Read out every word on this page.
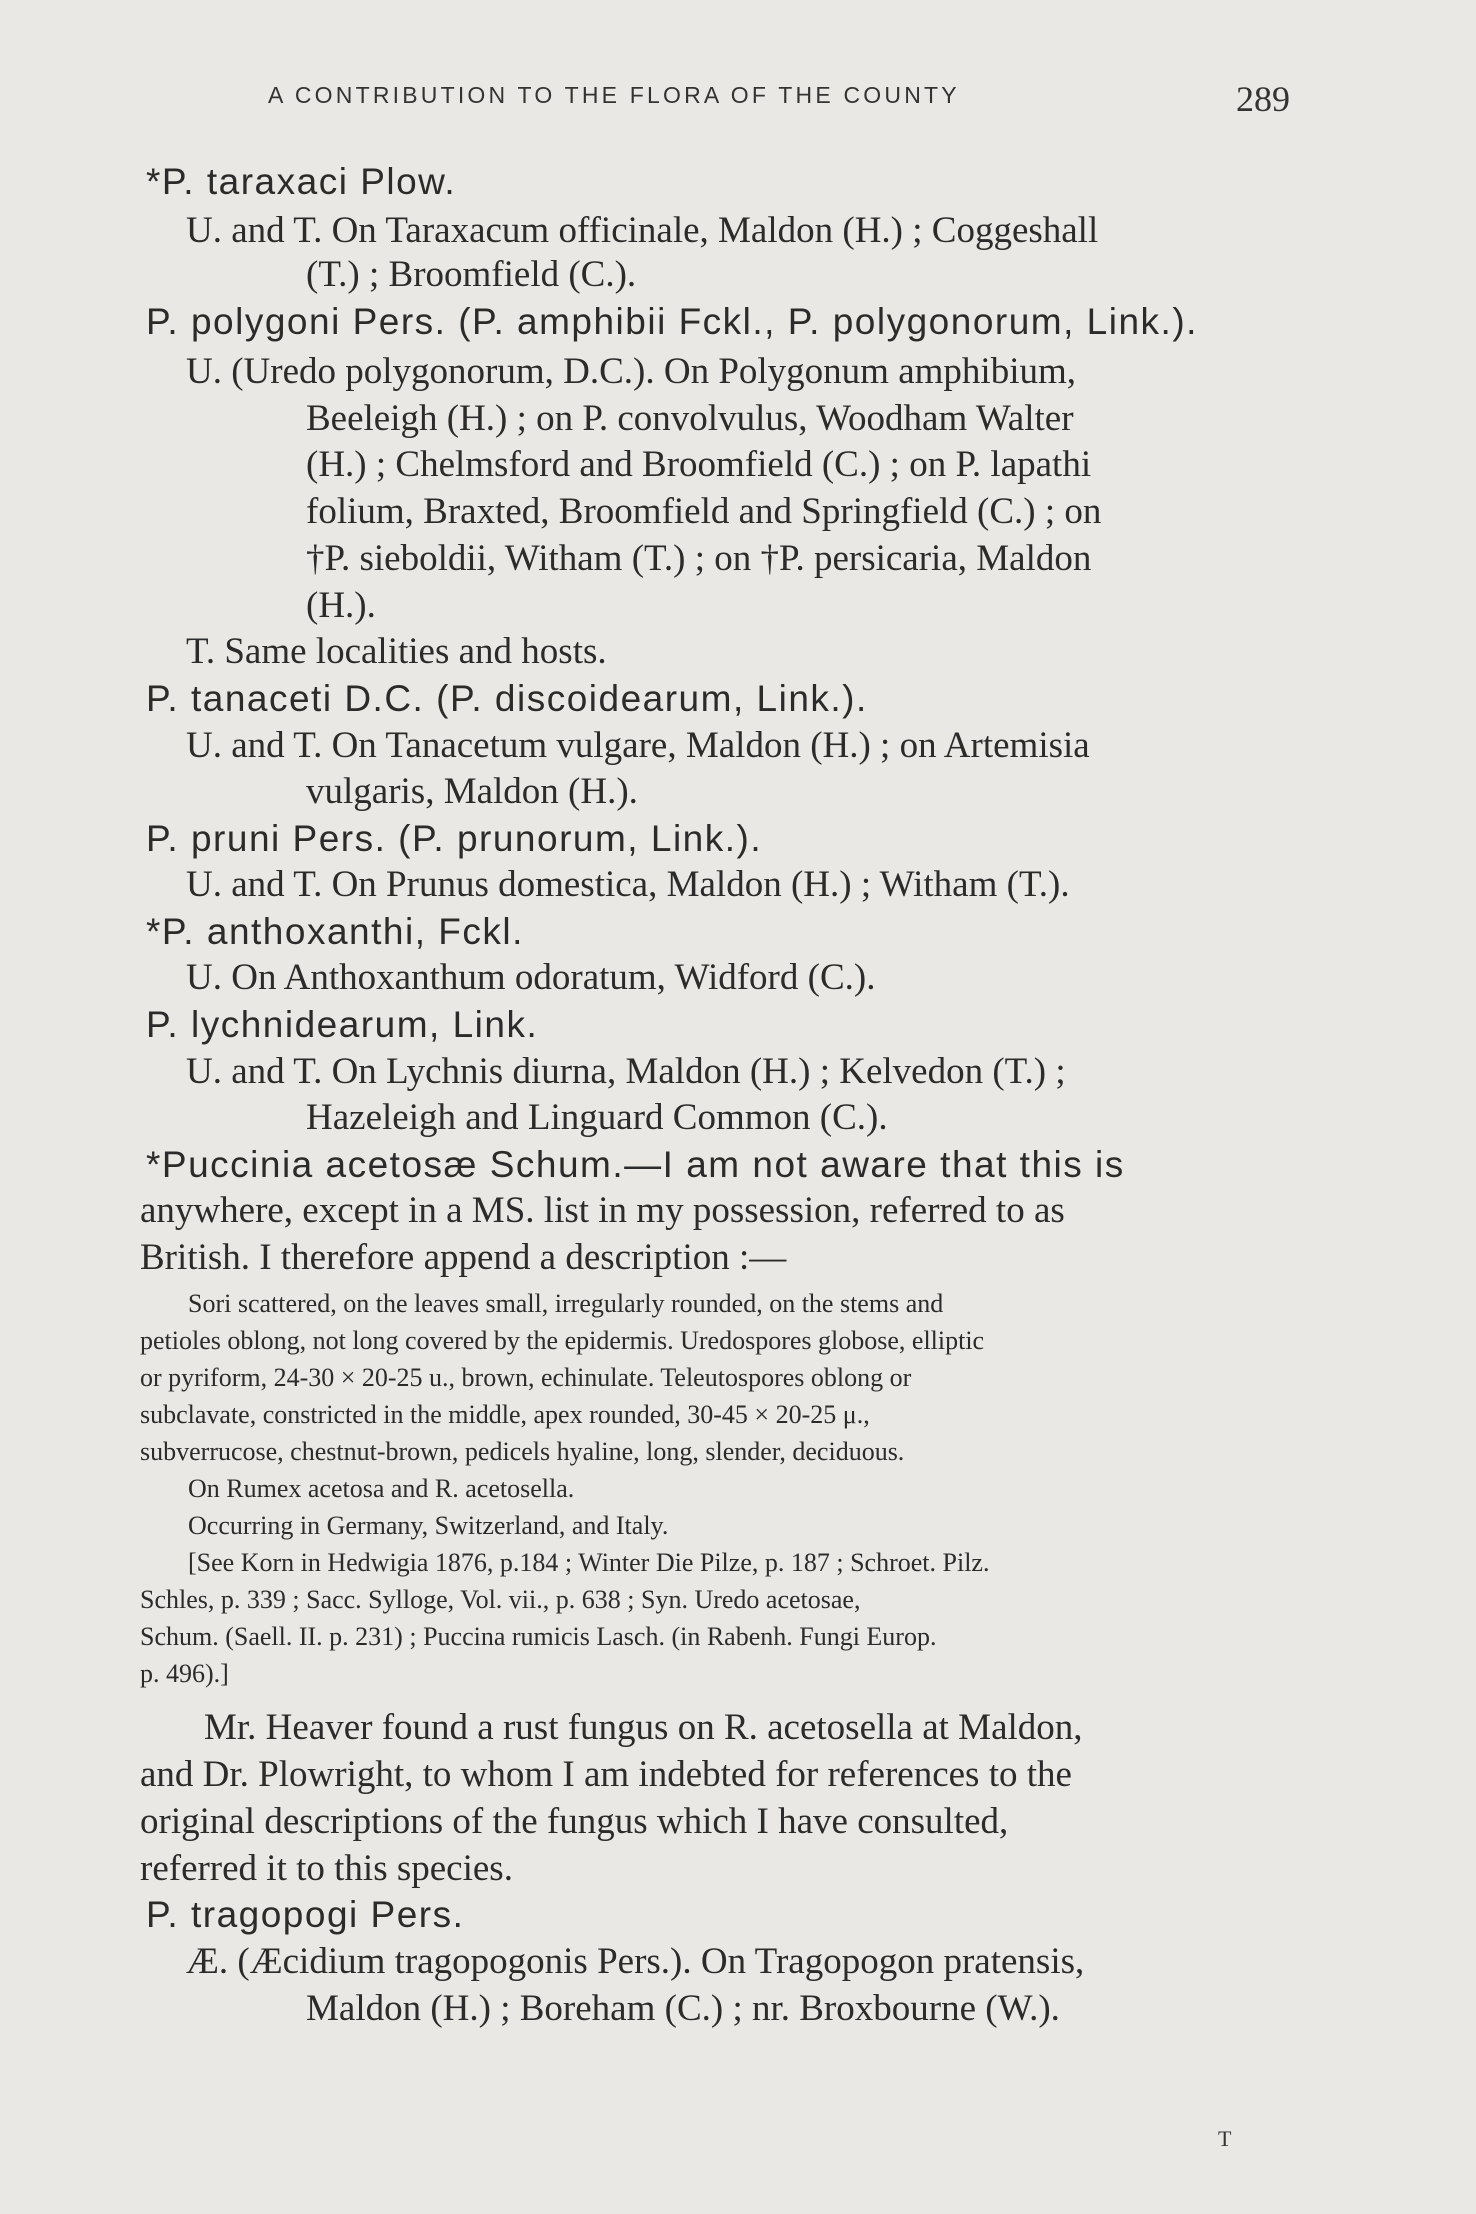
A CONTRIBUTION TO THE FLORA OF THE COUNTY	289
*P. taraxaci Plow.
U. and T. On Taraxacum officinale, Maldon (H.) ; Coggeshall
(T.) ; Broomfield (C.).
P. polygoni Pers. (P. amphibii Fckl., P. polygonorum, Link.).
U. (Uredo polygonorum, D.C.). On Polygonum amphibium,
Beeleigh (H.) ; on P. convolvulus, Woodham Walter
(H.) ; Chelmsford and Broomfield (C.) ; on P. lapathi
folium, Braxted, Broomfield and Springfield (C.) ; on
†P. sieboldii, Witham (T.) ; on †P. persicaria, Maldon
(H.).
T. Same localities and hosts.
P. tanaceti D.C. (P. discoidearum, Link.).
U. and T. On Tanacetum vulgare, Maldon (H.) ; on Artemisia
vulgaris, Maldon (H.).
P. pruni Pers. (P. prunorum, Link.).
U. and T. On Prunus domestica, Maldon (H.) ; Witham (T.).
*P. anthoxanthi, Fckl.
U. On Anthoxanthum odoratum, Widford (C.).
P. lychnidearum, Link.
U. and T. On Lychnis diurna, Maldon (H.) ; Kelvedon (T.) ;
Hazeleigh and Linguard Common (C.).
*Puccinia acetosæ Schum.—I am not aware that this is
anywhere, except in a MS. list in my possession, referred to as
British. I therefore append a description :—
Sori scattered, on the leaves small, irregularly rounded, on the stems and
petioles oblong, not long covered by the epidermis. Uredospores globose, elliptic
or pyriform, 24-30 × 20-25 u., brown, echinulate. Teleutospores oblong or
subclavate, constricted in the middle, apex rounded, 30-45 × 20-25 μ.,
subverrucose, chestnut-brown, pedicels hyaline, long, slender, deciduous.
On Rumex acetosa and R. acetosella.
Occurring in Germany, Switzerland, and Italy.
[See Korn in Hedwigia 1876, p.184 ; Winter Die Pilze, p. 187 ; Schroet. Pilz.
Schles, p. 339 ; Sacc. Sylloge, Vol. vii., p. 638 ; Syn. Uredo acetosae,
Schum. (Saell. II. p. 231) ; Puccina rumicis Lasch. (in Rabenh. Fungi Europ.
p. 496).]
Mr. Heaver found a rust fungus on R. acetosella at Maldon,
and Dr. Plowright, to whom I am indebted for references to the
original descriptions of the fungus which I have consulted,
referred it to this species.
P. tragopogi Pers.
Æ. (Æcidium tragopogonis Pers.). On Tragopogon pratensis,
Maldon (H.) ; Boreham (C.) ; nr. Broxbourne (W.).
T
